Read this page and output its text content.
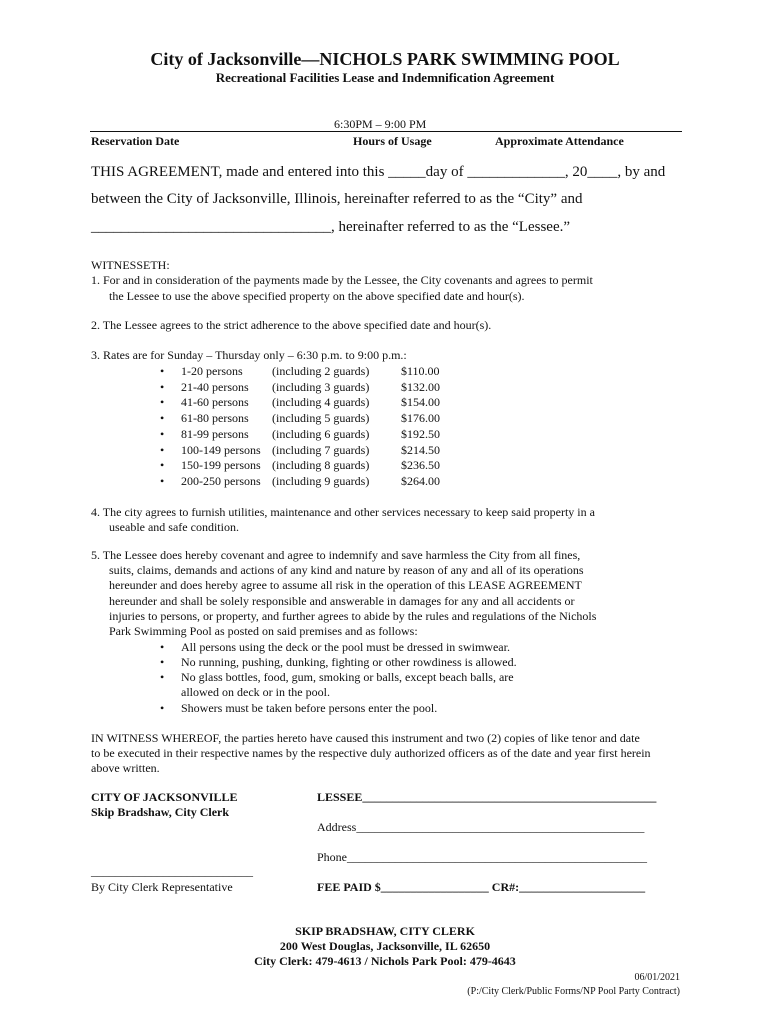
City of Jacksonville—NICHOLS PARK SWIMMING POOL
Recreational Facilities Lease and Indemnification Agreement
6:30PM – 9:00 PM
Reservation Date	Hours of Usage	Approximate Attendance
THIS AGREEMENT, made and entered into this _____day of _____________, 20____, by and
between the City of Jacksonville, Illinois, hereinafter referred to as the “City” and
________________________________, hereinafter referred to as the “Lessee.”
WITNESSETH:
1. For and in consideration of the payments made by the Lessee, the City covenants and agrees to permit
the Lessee to use the above specified property on the above specified date and hour(s).
2. The Lessee agrees to the strict adherence to the above specified date and hour(s).
3. Rates are for Sunday – Thursday only – 6:30 p.m. to 9:00 p.m.:
• 1-20 persons (including 2 guards)	$110.00
• 21-40 persons (including 3 guards)	$132.00
• 41-60 persons (including 4 guards)	$154.00
• 61-80 persons (including 5 guards)	$176.00
• 81-99 persons (including 6 guards)	$192.50
• 100-149 persons (including 7 guards)	$214.50
• 150-199 persons (including 8 guards)	$236.50
• 200-250 persons (including 9 guards)	$264.00
4. The city agrees to furnish utilities, maintenance and other services necessary to keep said property in a
useable and safe condition.
5. The Lessee does hereby covenant and agree to indemnify and save harmless the City from all fines,
suits, claims, demands and actions of any kind and nature by reason of any and all of its operations
hereunder and does hereby agree to assume all risk in the operation of this LEASE AGREEMENT
hereunder and shall be solely responsible and answerable in damages for any and all accidents or
injuries to persons, or property, and further agrees to abide by the rules and regulations of the Nichols
Park Swimming Pool as posted on said premises and as follows:
• All persons using the deck or the pool must be dressed in swimwear.
• No running, pushing, dunking, fighting or other rowdiness is allowed.
• No glass bottles, food, gum, smoking or balls, except beach balls, are
allowed on deck or in the pool.
• Showers must be taken before persons enter the pool.
IN WITNESS WHEREOF, the parties hereto have caused this instrument and two (2) copies of like tenor and date
to be executed in their respective names by the respective duly authorized officers as of the date and year first herein
above written.
CITY OF JACKSONVILLE
Skip Bradshaw, City Clerk
___________________________
By City Clerk Representative
LESSEE_________________________________________________
Address________________________________________________
Phone__________________________________________________
FEE PAID $__________________ CR#:_____________________
SKIP BRADSHAW, CITY CLERK
200 West Douglas, Jacksonville, IL 62650
City Clerk: 479-4613 / Nichols Park Pool: 479-4643
06/01/2021
(P:/City Clerk/Public Forms/NP Pool Party Contract)
